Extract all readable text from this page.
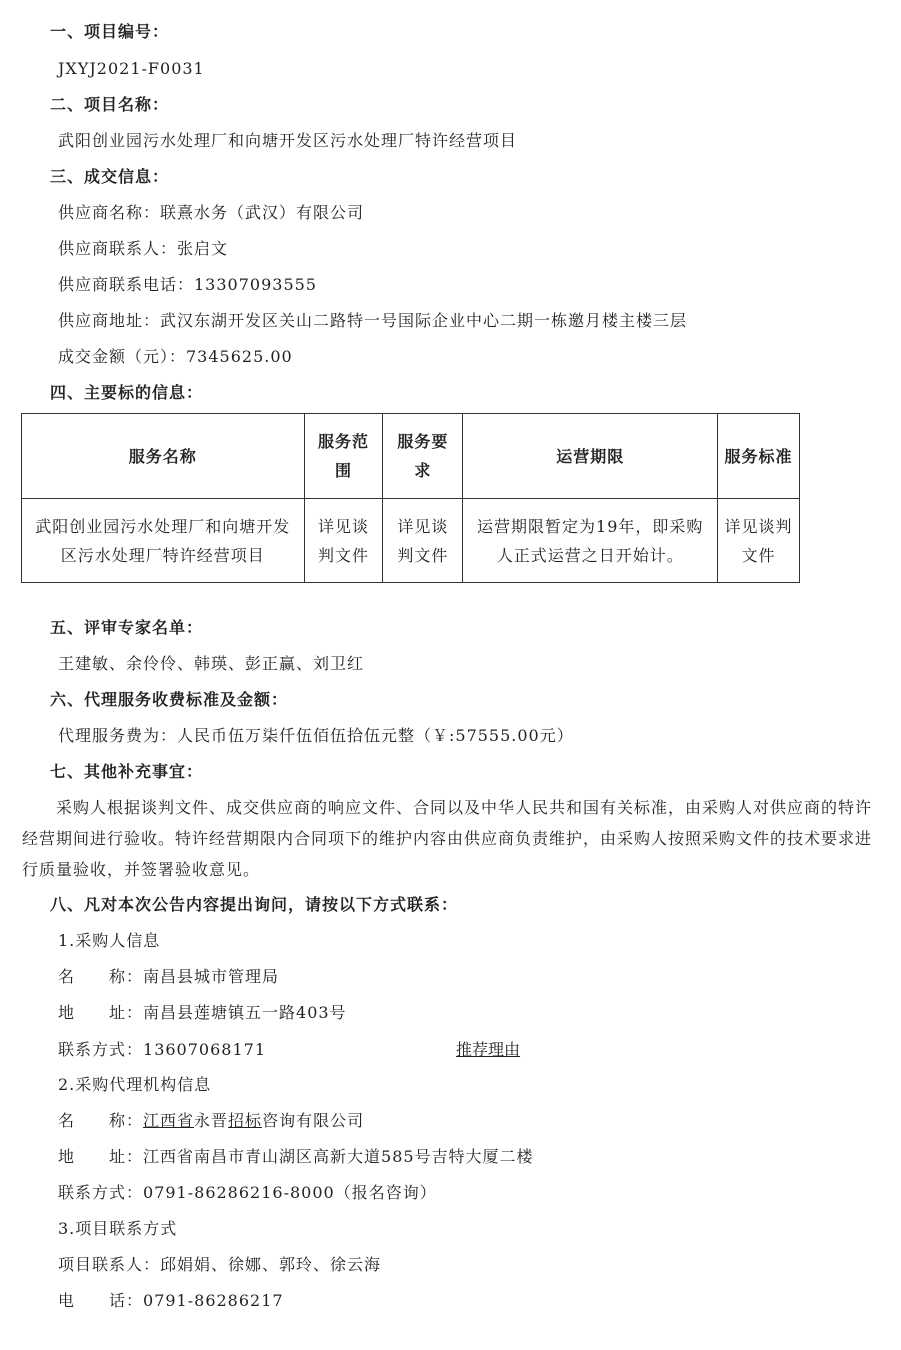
一、项目编号：
JXYJ2021-F0031
二、项目名称：
武阳创业园污水处理厂和向塘开发区污水处理厂特许经营项目
三、成交信息：
供应商名称：联熹水务（武汉）有限公司
供应商联系人：张启文
供应商联系电话：13307093555
供应商地址：武汉东湖开发区关山二路特一号国际企业中心二期一栋邀月楼主楼三层
成交金额（元）：7345625.00
四、主要标的信息：
服务名称	服务范围	服务要求	运营期限	服务标准
武阳创业园污水处理厂和向塘开发区污水处理厂特许经营项目	详见谈判文件	详见谈判文件	运营期限暂定为19年，即采购人正式运营之日开始计。	详见谈判文件
五、评审专家名单：
王建敏、余伶伶、韩瑛、彭正赢、刘卫红
六、代理服务收费标准及金额：
代理服务费为：人民币伍万柒仟伍佰伍拾伍元整（￥:57555.00元）
七、其他补充事宜：
采购人根据谈判文件、成交供应商的响应文件、合同以及中华人民共和国有关标准，由采购人对供应商的特许经营期间进行验收。特许经营期限内合同项下的维护内容由供应商负责维护，由采购人按照采购文件的技术要求进行质量验收，并签署验收意见。
八、凡对本次公告内容提出询问，请按以下方式联系：
1.采购人信息
名　　称：南昌县城市管理局
地　　址：南昌县莲塘镇五一路403号
联系方式：13607068171	推荐理由
2.采购代理机构信息
名　　称：江西省永晋招标咨询有限公司
地　　址：江西省南昌市青山湖区高新大道585号吉特大厦二楼
联系方式：0791-86286216-8000（报名咨询）
3.项目联系方式
项目联系人：邱娟娟、徐娜、郭玲、徐云海
电　　话：0791-86286217
